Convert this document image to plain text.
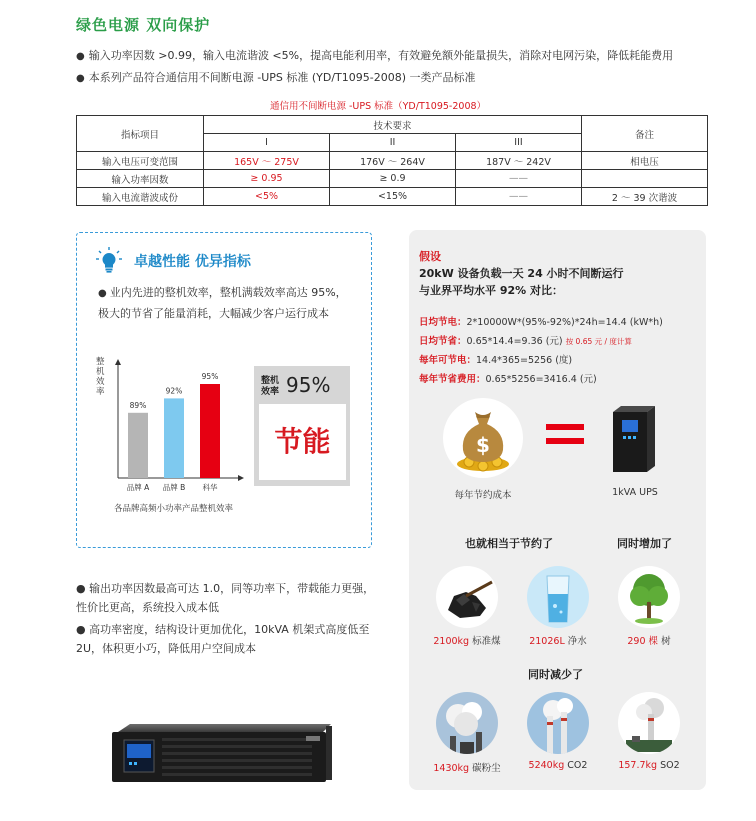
绿色电源 双向保护
● 输入功率因数 >0.99，输入电流谐波 <5%，提高电能利用率，有效避免额外能量损失，消除对电网污染，降低耗能费用
● 本系列产品符合通信用不间断电源 -UPS 标准 (YD/T1095-2008) 一类产品标准
通信用不间断电源 -UPS 标准（YD/T1095-2008）
指标项目	技术要求			备注
	I	II	III	
输入电压可变范围	165V ～ 275V	176V ～ 264V	187V ～ 242V	相电压
输入功率因数	≥ 0.95	≥ 0.9	——	
输入电流谐波成份	<5%	<15%	——	2 ～ 39 次谐波
卓越性能 优异指标
● 业内先进的整机效率，整机满载效率高达 95%，极大的节省了能量消耗，大幅减少客户运行成本
整机效率
89%
品牌 A
92%
品牌 B
95%
科华
各品牌高频小功率产品整机效率
整机
效率 95%
节能
● 输出功率因数最高可达 1.0，同等功率下，带载能力更强，性价比更高，系统投入成本低
● 高功率密度，结构设计更加优化，10kVA 机架式高度低至 2U，体积更小巧，降低用户空间成本
假设
20kW 设备负载一天 24 小时不间断运行
与业界平均水平 92% 对比：
日均节电：2*10000W*(95%-92%)*24h=14.4 (kW*h)
日均节省：0.65*14.4=9.36 (元) 按 0.65 元 / 度计算
每年可节电：14.4*365=5256 (度)
每年节省费用：0.65*5256=3416.4 (元)
$
每年节约成本	1kVA UPS
也就相当于节约了	同时增加了
2100kg 标准煤	21026L 净水	290 棵 树
同时减少了
1430kg 碳粉尘	5240kg CO2	157.7kg SO2
